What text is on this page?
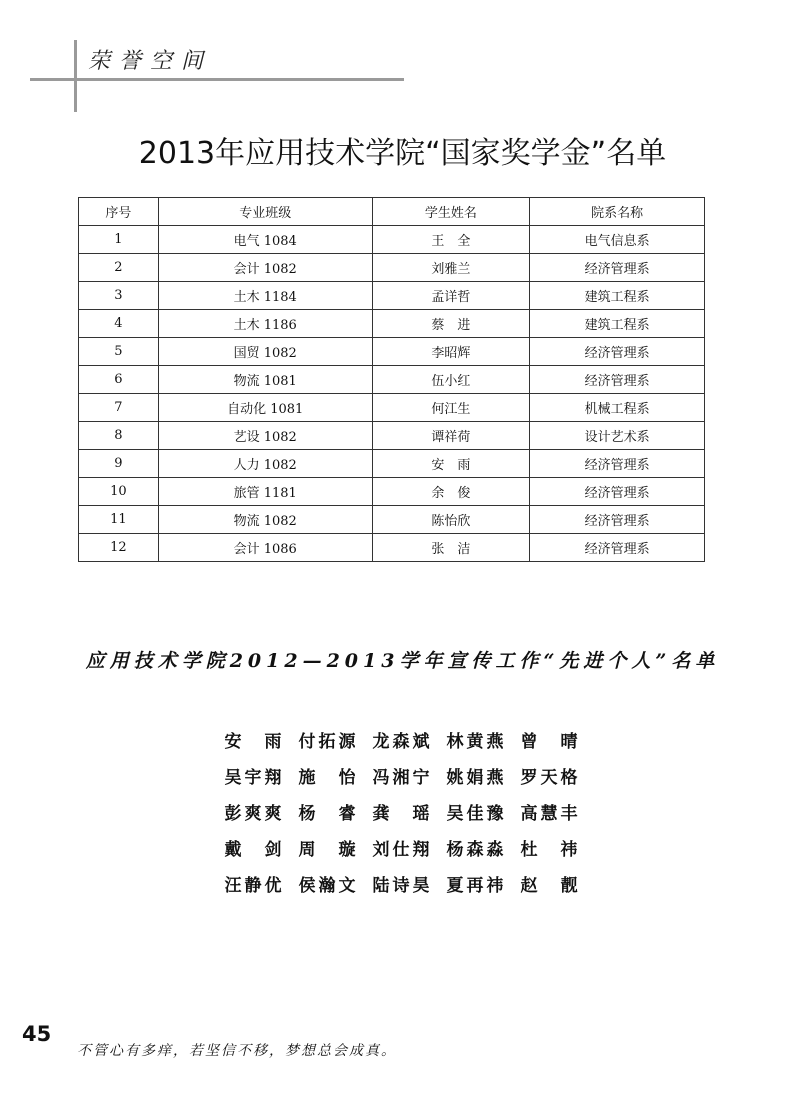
荣誉空间
2013年应用技术学院“国家奖学金”名单
序号	专业班级	学生姓名	院系名称
1	电气 1084	王　全	电气信息系
2	会计 1082	刘雅兰	经济管理系
3	土木 1184	孟详哲	建筑工程系
4	土木 1186	蔡　进	建筑工程系
5	国贸 1082	李昭辉	经济管理系
6	物流 1081	伍小红	经济管理系
7	自动化 1081	何江生	机械工程系
8	艺设 1082	谭祥荷	设计艺术系
9	人力 1082	安　雨	经济管理系
10	旅管 1181	余　俊	经济管理系
11	物流 1082	陈怡欣	经济管理系
12	会计 1086	张　洁	经济管理系
应用技术学院2012—2013学年宣传工作“先进个人”名单
安　雨 付拓源 龙森斌 林黄燕 曾　晴
吴宇翔 施　怡 冯湘宁 姚娟燕 罗天格
彭爽爽 杨　睿 龚　瑶 吴佳豫 高慧丰
戴　剑 周　璇 刘仕翔 杨森淼 杜　祎
汪静优 侯瀚文 陆诗昊 夏再祎 赵　靓
45
不管心有多痒，若坚信不移，梦想总会成真。
